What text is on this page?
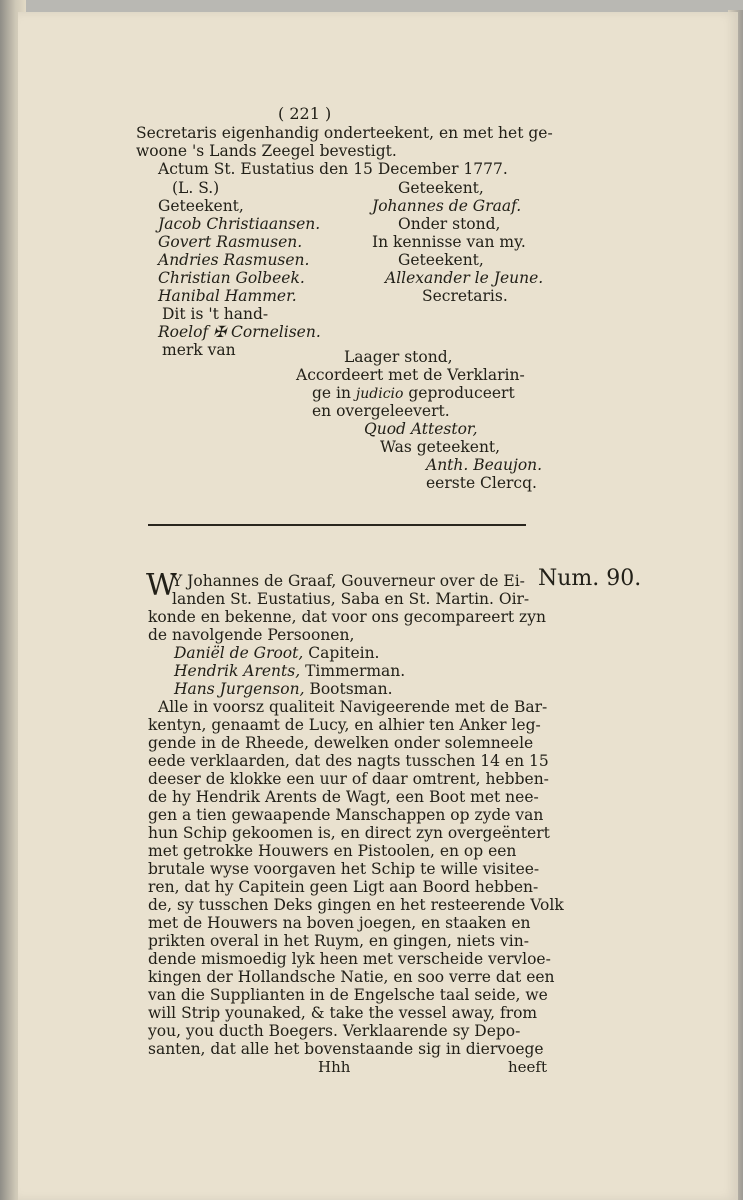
( 221 )
Secretaris eigenhandig onderteekent, en met het ge-
woone 's Lands Zeegel bevestigt.
Actum St. Eustatius den 15 December 1777.
(L. S.)
Geteekent,
Jacob Christiaansen.
Govert Rasmusen.
Andries Rasmusen.
Christian Golbeek.
Hanibal Hammer.
Dit is 't hand-
Roelof ✠ Cornelisen.
merk van
Geteekent,
Johannes de Graaf.
Onder stond,
In kennisse van my.
Geteekent,
Allexander le Jeune.
Secretaris.
Laager stond,
Accordeert met de Verklarin-
ge in judicio geproduceert
en overgeleevert.
Quod Attestor,
Was geteekent,
Anth. Beaujon.
eerste Clercq.
Num. 90.
W
Y Johannes de Graaf, Gouverneur over de Ei-
landen St. Eustatius, Saba en St. Martin. Oir-
konde en bekenne, dat voor ons gecompareert zyn
de navolgende Persoonen,
Daniël de Groot, Capitein.
Hendrik Arents, Timmerman.
Hans Jurgenson, Bootsman.
Alle in voorsz qualiteit Navigeerende met de Bar-
kentyn, genaamt de Lucy, en alhier ten Anker leg-
gende in de Rheede, dewelken onder solemneele
eede verklaarden, dat des nagts tusschen 14 en 15
deeser de klokke een uur of daar omtrent, hebben-
de hy Hendrik Arents de Wagt, een Boot met nee-
gen a tien gewaapende Manschappen op zyde van
hun Schip gekoomen is, en direct zyn overgeëntert
met getrokke Houwers en Pistoolen, en op een
brutale wyse voorgaven het Schip te wille visitee-
ren, dat hy Capitein geen Ligt aan Boord hebben-
de, sy tusschen Deks gingen en het resteerende Volk
met de Houwers na boven joegen, en staaken en
prikten overal in het Ruym, en gingen, niets vin-
dende mismoedig lyk heen met verscheide vervloe-
kingen der Hollandsche Natie, en soo verre dat een
van die Supplianten in de Engelsche taal seide, we
will Strip younaked, & take the vessel away, from
you, you ducth Boegers. Verklaarende sy Depo-
santen, dat alle het bovenstaande sig in diervoege
Hhh	heeft
